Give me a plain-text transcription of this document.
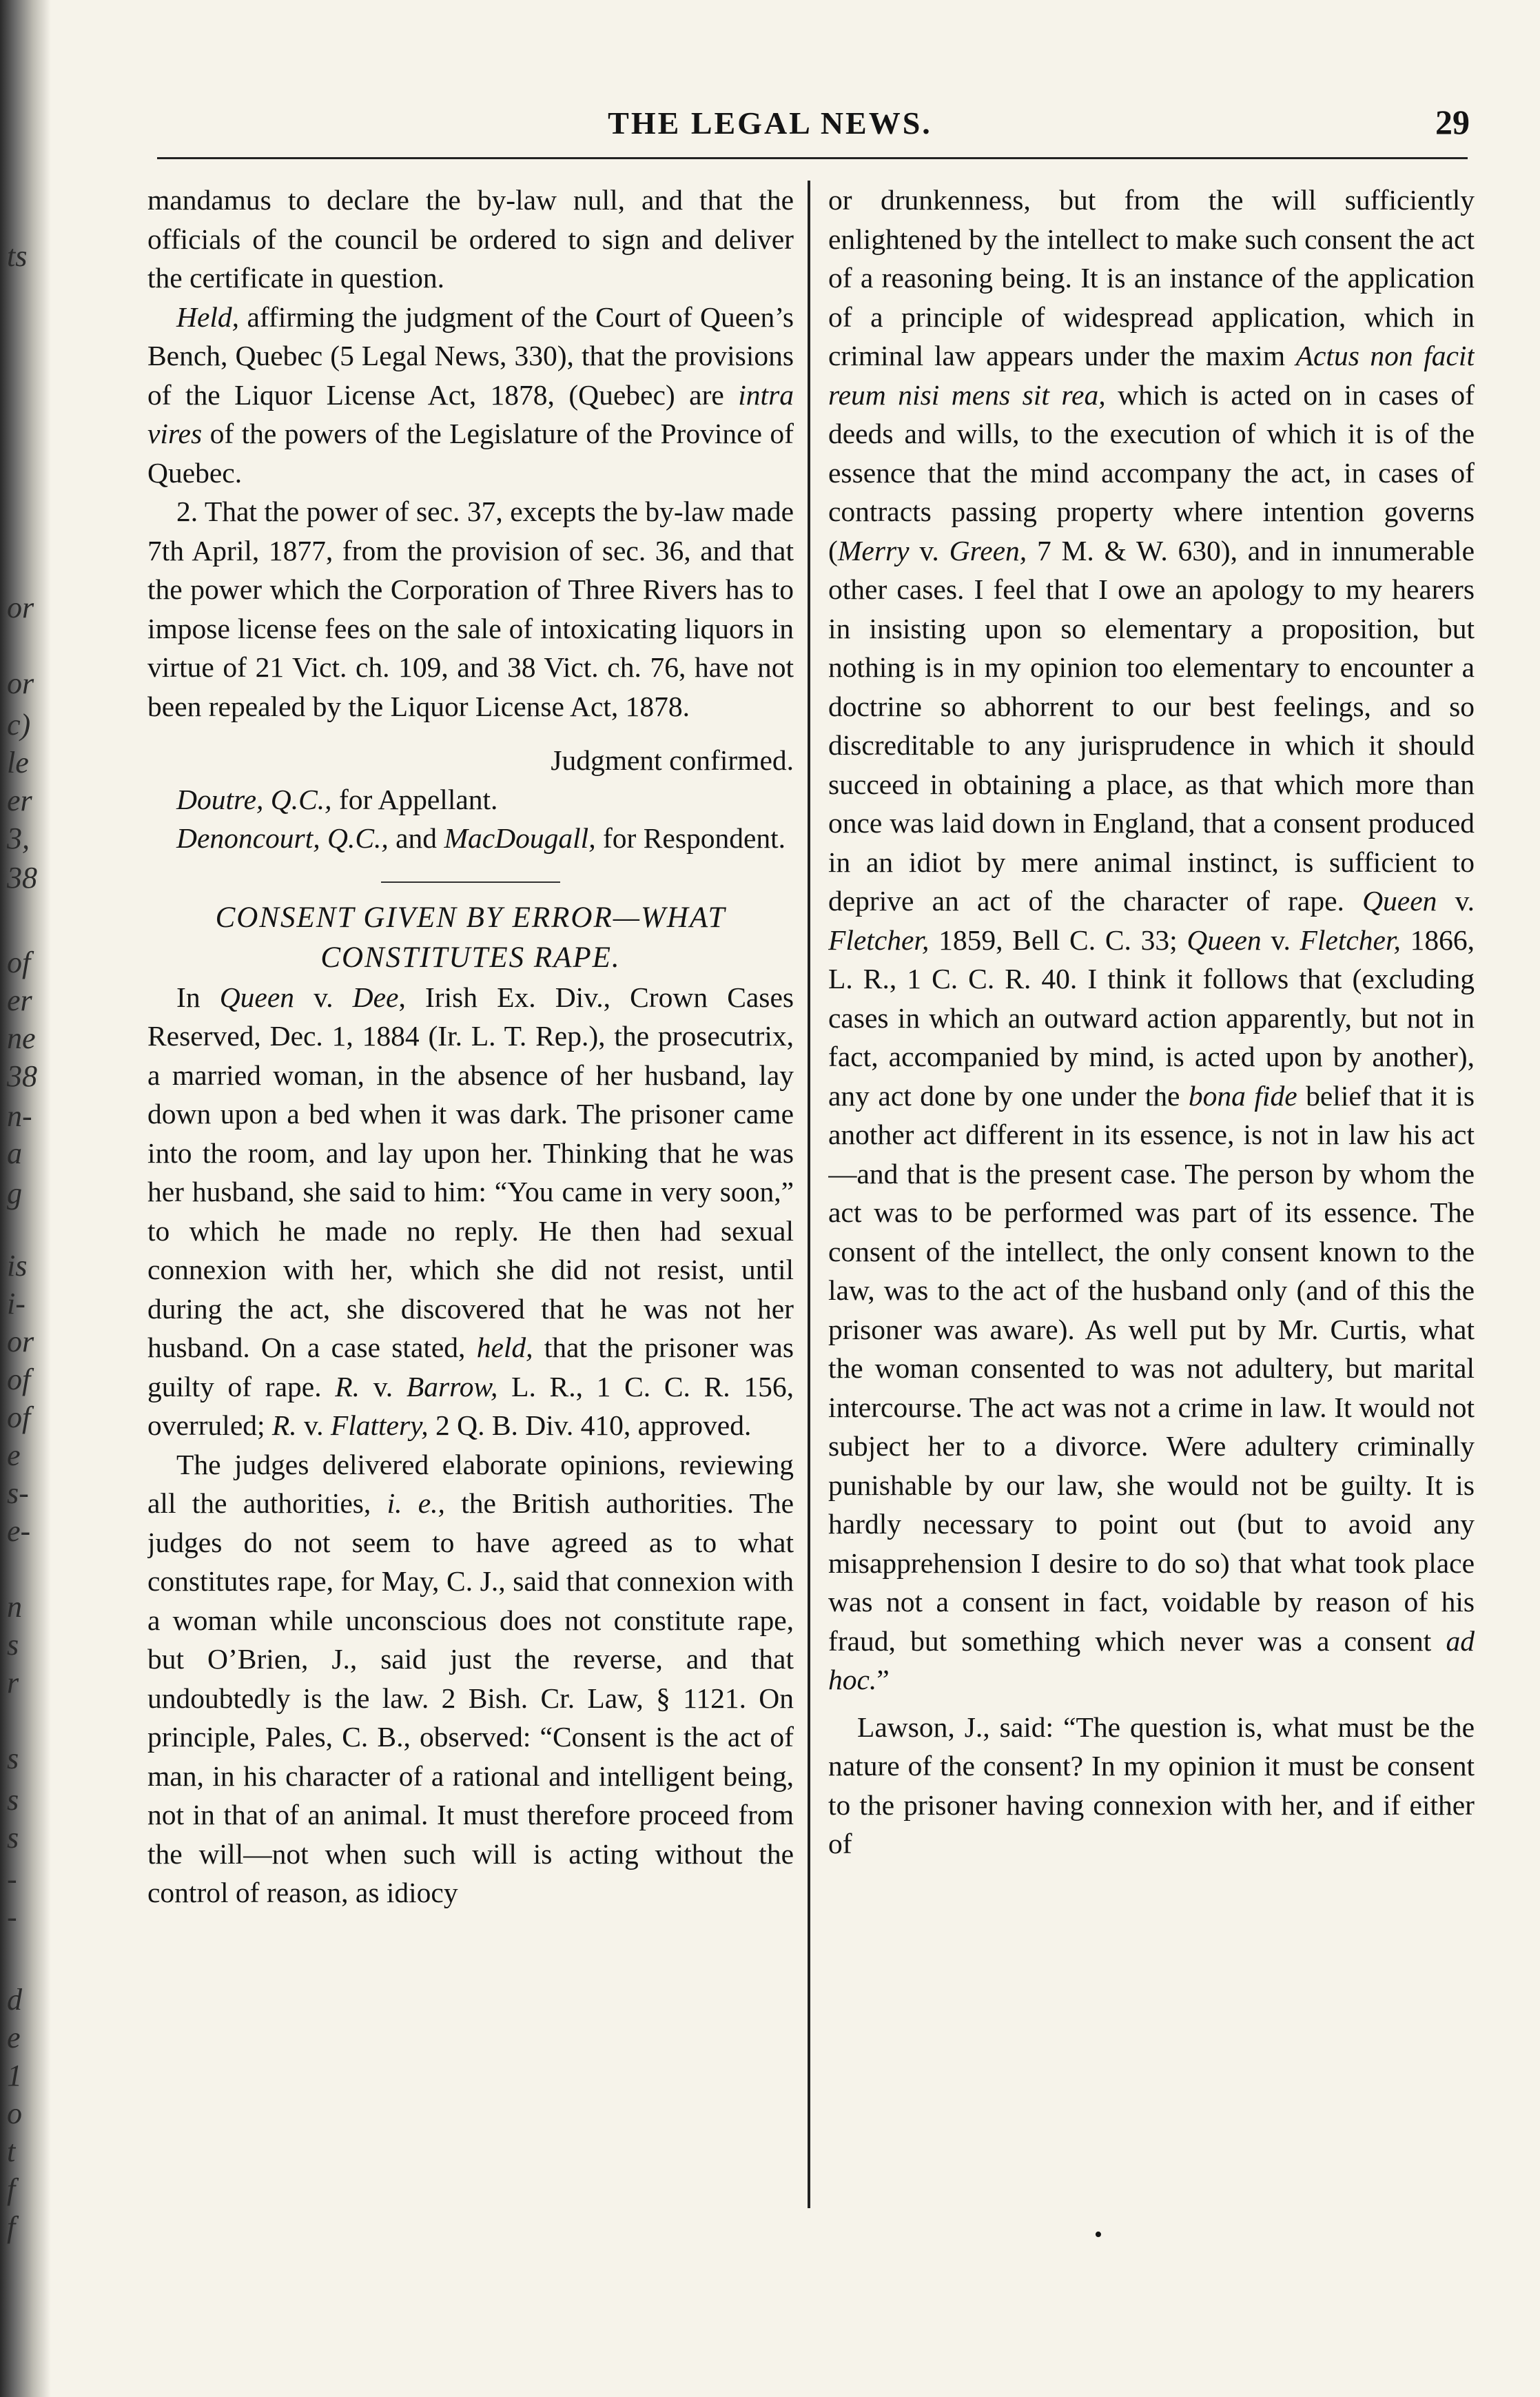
ts
or
or
c)
le
er
3,
38
of
er
ne
38
n-
a
g
is
i-
or
of
of
e
s-
e-
n
s
r
s
s
s
-
-
d
e
1
o
t
f
f
THE LEGAL NEWS.	29

mandamus to declare the by-law null, and that the officials of the council be ordered to sign and deliver the certificate in question.

Held, affirming the judgment of the Court of Queen’s Bench, Quebec (5 Legal News, 330), that the provisions of the Liquor License Act, 1878, (Quebec) are intra vires of the powers of the Legislature of the Province of Quebec.

2. That the power of sec. 37, excepts the by-law made 7th April, 1877, from the provision of sec. 36, and that the power which the Corporation of Three Rivers has to impose license fees on the sale of intoxicating liquors in virtue of 21 Vict. ch. 109, and 38 Vict. ch. 76, have not been repealed by the Liquor License Act, 1878.

Judgment confirmed.

Doutre, Q.C., for Appellant.

Denoncourt, Q.C., and MacDougall, for Respondent.

CONSENT GIVEN BY ERROR—WHAT
CONSTITUTES RAPE.

In Queen v. Dee, Irish Ex. Div., Crown Cases Reserved, Dec. 1, 1884 (Ir. L. T. Rep.), the prosecutrix, a married woman, in the absence of her husband, lay down upon a bed when it was dark. The prisoner came into the room, and lay upon her. Thinking that he was her husband, she said to him: “You came in very soon,” to which he made no reply. He then had sexual connexion with her, which she did not resist, until during the act, she discovered that he was not her husband. On a case stated, held, that the prisoner was guilty of rape. R. v. Barrow, L. R., 1 C. C. R. 156, overruled; R. v. Flattery, 2 Q. B. Div. 410, approved.

The judges delivered elaborate opinions, reviewing all the authorities, i. e., the British authorities. The judges do not seem to have agreed as to what constitutes rape, for May, C. J., said that connexion with a woman while unconscious does not constitute rape, but O’Brien, J., said just the reverse, and that undoubtedly is the law. 2 Bish. Cr. Law, § 1121. On principle, Pales, C. B., observed: “Consent is the act of man, in his character of a rational and intelligent being, not in that of an animal. It must therefore proceed from the will—not when such will is acting without the control of reason, as idiocy

or drunkenness, but from the will sufficiently enlightened by the intellect to make such consent the act of a reasoning being. It is an instance of the application of a principle of widespread application, which in criminal law appears under the maxim Actus non facit reum nisi mens sit rea, which is acted on in cases of deeds and wills, to the execution of which it is of the essence that the mind accompany the act, in cases of contracts passing property where intention governs (Merry v. Green, 7 M. & W. 630), and in innumerable other cases. I feel that I owe an apology to my hearers in insisting upon so elementary a proposition, but nothing is in my opinion too elementary to encounter a doctrine so abhorrent to our best feelings, and so discreditable to any jurisprudence in which it should succeed in obtaining a place, as that which more than once was laid down in England, that a consent produced in an idiot by mere animal instinct, is sufficient to deprive an act of the character of rape. Queen v. Fletcher, 1859, Bell C. C. 33; Queen v. Fletcher, 1866, L. R., 1 C. C. R. 40. I think it follows that (excluding cases in which an outward action apparently, but not in fact, accompanied by mind, is acted upon by another), any act done by one under the bona fide belief that it is another act different in its essence, is not in law his act—and that is the present case. The person by whom the act was to be performed was part of its essence. The consent of the intellect, the only consent known to the law, was to the act of the husband only (and of this the prisoner was aware). As well put by Mr. Curtis, what the woman consented to was not adultery, but marital intercourse. The act was not a crime in law. It would not subject her to a divorce. Were adultery criminally punishable by our law, she would not be guilty. It is hardly necessary to point out (but to avoid any misapprehension I desire to do so) that what took place was not a consent in fact, voidable by reason of his fraud, but something which never was a consent ad hoc.”

Lawson, J., said: “The question is, what must be the nature of the consent? In my opinion it must be consent to the prisoner having connexion with her, and if either of

•
